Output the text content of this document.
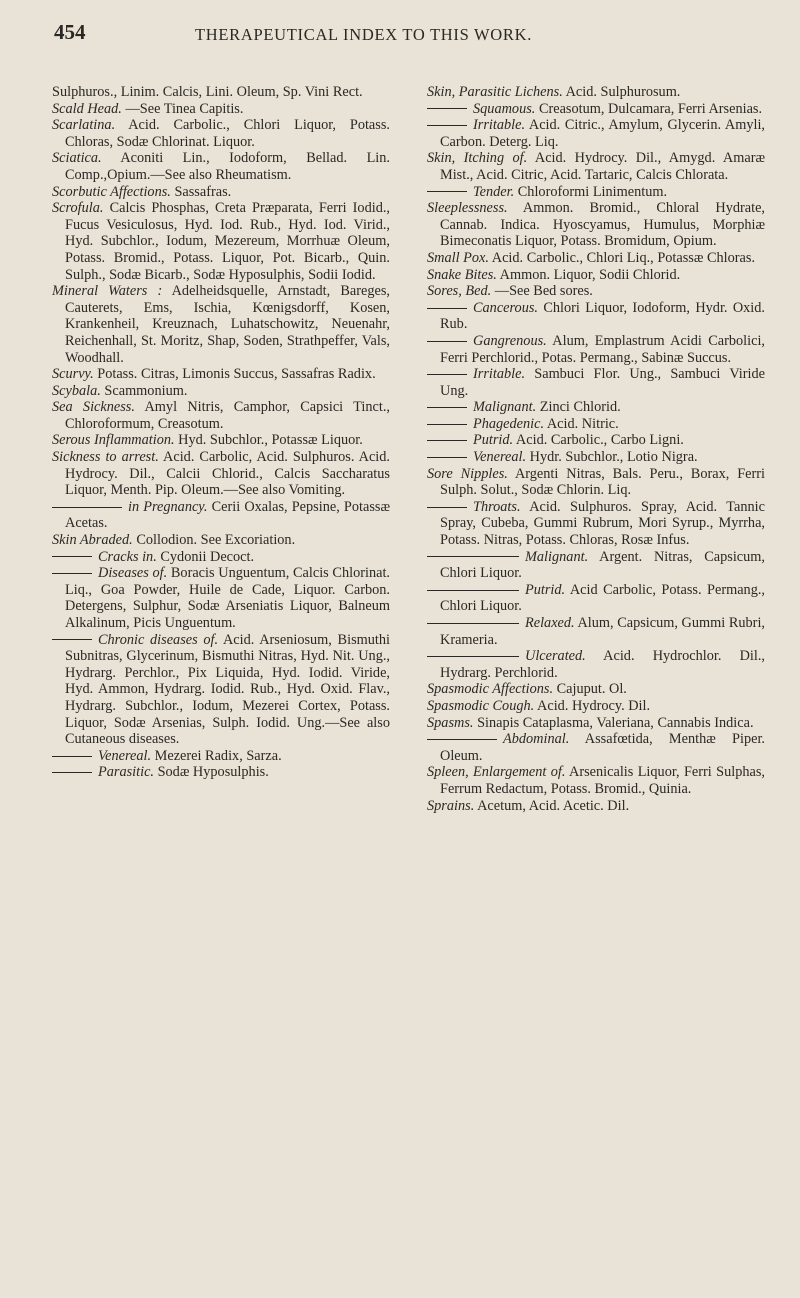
454	THERAPEUTICAL INDEX TO THIS WORK.

Sulphuros., Linim. Calcis, Lini. Oleum, Sp. Vini Rect.

Scald Head. —See Tinea Capitis.

Scarlatina. Acid. Carbolic., Chlori Liquor, Potass. Chloras, Sodæ Chlorinat. Liquor.

Sciatica. Aconiti Lin., Iodoform, Bellad. Lin. Comp.,Opium.—See also Rheumatism.

Scorbutic Affections. Sassafras.

Scrofula. Calcis Phosphas, Creta Præparata, Ferri Iodid., Fucus Vesiculosus, Hyd. Iod. Rub., Hyd. Iod. Virid., Hyd. Subchlor., Iodum, Mezereum, Morrhuæ Oleum, Potass. Bromid., Potass. Liquor, Pot. Bicarb., Quin. Sulph., Sodæ Bicarb., Sodæ Hyposulphis, Sodii Iodid.

Mineral Waters : Adelheidsquelle, Arnstadt, Bareges, Cauterets, Ems, Ischia, Kœnigsdorff, Kosen, Krankenheil, Kreuznach, Luhatschowitz, Neuenahr, Reichenhall, St. Moritz, Shap, Soden, Strathpeffer, Vals, Woodhall.

Scurvy. Potass. Citras, Limonis Succus, Sassafras Radix.

Scybala. Scammonium.

Sea Sickness. Amyl Nitris, Camphor, Capsici Tinct., Chloroformum, Creasotum.

Serous Inflammation. Hyd. Subchlor., Potassæ Liquor.

Sickness to arrest. Acid. Carbolic, Acid. Sulphuros. Acid. Hydrocy. Dil., Calcii Chlorid., Calcis Saccharatus Liquor, Menth. Pip. Oleum.—See also Vomiting.

in Pregnancy. Cerii Oxalas, Pepsine, Potassæ Acetas.

Skin Abraded. Collodion. See Excoriation.

Cracks in. Cydonii Decoct.

Diseases of. Boracis Unguentum, Calcis Chlorinat. Liq., Goa Powder, Huile de Cade, Liquor. Carbon. Detergens, Sulphur, Sodæ Arseniatis Liquor, Balneum Alkalinum, Picis Unguentum.

Chronic diseases of. Acid. Arseniosum, Bismuthi Subnitras, Glycerinum, Bismuthi Nitras, Hyd. Nit. Ung., Hydrarg. Perchlor., Pix Liquida, Hyd. Iodid. Viride, Hyd. Ammon, Hydrarg. Iodid. Rub., Hyd. Oxid. Flav., Hydrarg. Subchlor., Iodum, Mezerei Cortex, Potass. Liquor, Sodæ Arsenias, Sulph. Iodid. Ung.—See also Cutaneous diseases.

Venereal. Mezerei Radix, Sarza.

Parasitic. Sodæ Hyposulphis.

Skin, Parasitic Lichens. Acid. Sulphurosum.

Squamous. Creasotum, Dulcamara, Ferri Arsenias.

Irritable. Acid. Citric., Amylum, Glycerin. Amyli, Carbon. Deterg. Liq.

Skin, Itching of. Acid. Hydrocy. Dil., Amygd. Amaræ Mist., Acid. Citric, Acid. Tartaric, Calcis Chlorata.

Tender. Chloroformi Linimentum.

Sleeplessness. Ammon. Bromid., Chloral Hydrate, Cannab. Indica. Hyoscyamus, Humulus, Morphiæ Bimeconatis Liquor, Potass. Bromidum, Opium.

Small Pox. Acid. Carbolic., Chlori Liq., Potassæ Chloras.

Snake Bites. Ammon. Liquor, Sodii Chlorid.

Sores, Bed. —See Bed sores.

Cancerous. Chlori Liquor, Iodoform, Hydr. Oxid. Rub.

Gangrenous. Alum, Emplastrum Acidi Carbolici, Ferri Perchlorid., Potas. Permang., Sabinæ Succus.

Irritable. Sambuci Flor. Ung., Sambuci Viride Ung.

Malignant. Zinci Chlorid.

Phagedenic. Acid. Nitric.

Putrid. Acid. Carbolic., Carbo Ligni.

Venereal. Hydr. Subchlor., Lotio Nigra.

Sore Nipples. Argenti Nitras, Bals. Peru., Borax, Ferri Sulph. Solut., Sodæ Chlorin. Liq.

Throats. Acid. Sulphuros. Spray, Acid. Tannic Spray, Cubeba, Gummi Rubrum, Mori Syrup., Myrrha, Potass. Nitras, Potass. Chloras, Rosæ Infus.

Malignant. Argent. Nitras, Capsicum, Chlori Liquor.

Putrid. Acid Carbolic, Potass. Permang., Chlori Liquor.

Relaxed. Alum, Capsicum, Gummi Rubri, Krameria.

Ulcerated. Acid. Hydrochlor. Dil., Hydrarg. Perchlorid.

Spasmodic Affections. Cajuput. Ol.

Spasmodic Cough. Acid. Hydrocy. Dil.

Spasms. Sinapis Cataplasma, Valeriana, Cannabis Indica.

Abdominal. Assafœtida, Menthæ Piper. Oleum.

Spleen, Enlargement of. Arsenicalis Liquor, Ferri Sulphas, Ferrum Redactum, Potass. Bromid., Quinia.

Sprains. Acetum, Acid. Acetic. Dil.
